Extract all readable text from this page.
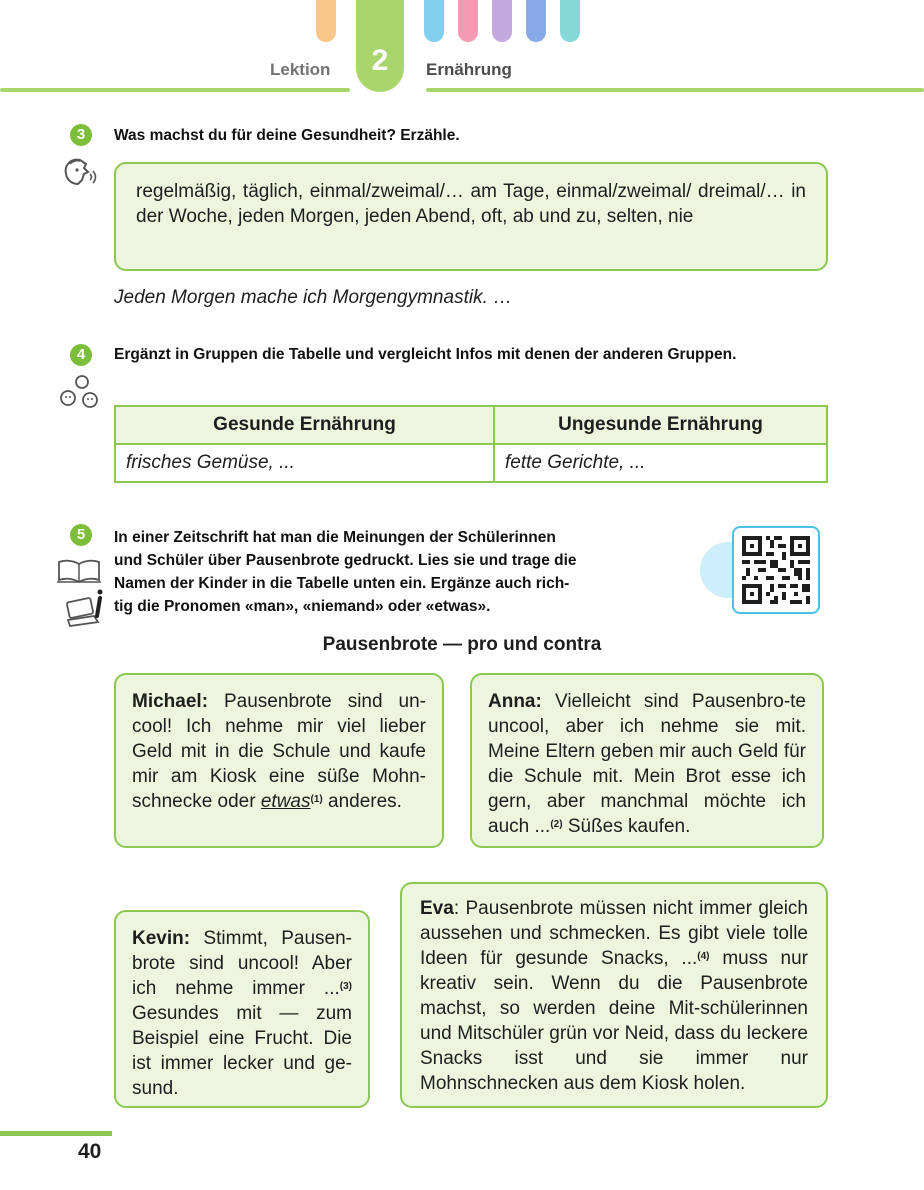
2
Lektion	Ernährung
3	Was machst du für deine Gesundheit? Erzähle.
regelmäßig, täglich, einmal/zweimal/… am Tage, einmal/zweimal/ dreimal/… in der Woche, jeden Morgen, jeden Abend, oft, ab und zu, selten, nie
Jeden Morgen mache ich Morgengymnastik. …
4	Ergänzt in Gruppen die Tabelle und vergleicht Infos mit denen der anderen Gruppen.
Gesunde Ernährung	Ungesunde Ernährung
frisches Gemüse, ...	fette Gerichte, ...
5	In einer Zeitschrift hat man die Meinungen der Schülerinnen
und Schüler über Pausenbrote gedruckt. Lies sie und trage die
Namen der Kinder in die Tabelle unten ein. Ergänze auch rich-
tig die Pronomen «man», «niemand» oder «etwas».
Pausenbrote — pro und contra
Michael: Pausenbrote sind un-cool! Ich nehme mir viel lieber Geld mit in die Schule und kaufe mir am Kiosk eine süße Mohn-schnecke oder etwas$^{(1)}$ anderes.
Anna: Vielleicht sind Pausenbro-te uncool, aber ich nehme sie mit. Meine Eltern geben mir auch Geld für die Schule mit. Mein Brot esse ich gern, aber manchmal möchte ich auch ...$^{(2)}$ Süßes kaufen.
Kevin: Stimmt, Pausen-brote sind uncool! Aber ich nehme immer ...$^{(3)}$ Gesundes mit — zum Beispiel eine Frucht. Die ist immer lecker und ge-sund.
Eva: Pausenbrote müssen nicht immer gleich aussehen und schmecken. Es gibt viele tolle Ideen für gesunde Snacks, ...$^{(4)}$ muss nur kreativ sein. Wenn du die Pausenbrote machst, so werden deine Mit-schülerinnen und Mitschüler grün vor Neid, dass du leckere Snacks isst und sie immer nur Mohnschnecken aus dem Kiosk holen.
40
